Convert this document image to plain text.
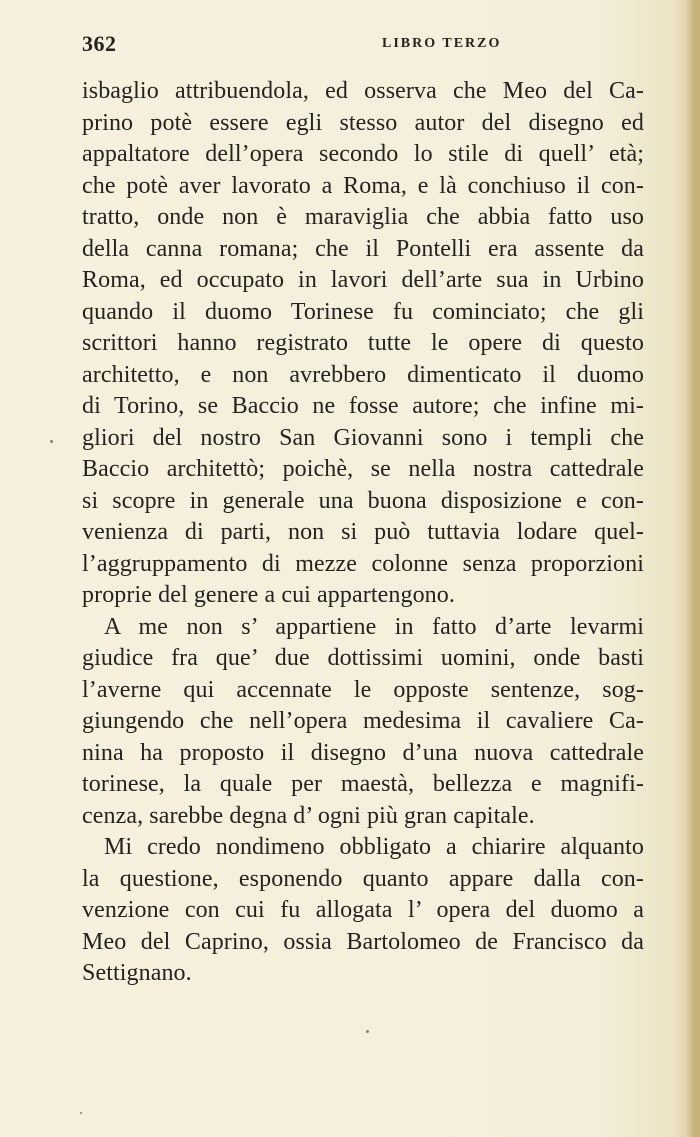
362	LIBRO TERZO
isbaglio attribuendola, ed osserva che Meo del Ca-
prino potè essere egli stesso autor del disegno ed
appaltatore dell’opera secondo lo stile di quell’ età;
che potè aver lavorato a Roma, e là conchiuso il con-
tratto, onde non è maraviglia che abbia fatto uso
della canna romana; che il Pontelli era assente da
Roma, ed occupato in lavori dell’arte sua in Urbino
quando il duomo Torinese fu cominciato; che gli
scrittori hanno registrato tutte le opere di questo
architetto, e non avrebbero dimenticato il duomo
di Torino, se Baccio ne fosse autore; che infine mi-
gliori del nostro San Giovanni sono i templi che
Baccio architettò; poichè, se nella nostra cattedrale
si scopre in generale una buona disposizione e con-
venienza di parti, non si può tuttavia lodare quel-
l’aggruppamento di mezze colonne senza proporzioni
proprie del genere a cui appartengono.
A me non s’ appartiene in fatto d’arte levarmi
giudice fra que’ due dottissimi uomini, onde basti
l’averne qui accennate le opposte sentenze, sog-
giungendo che nell’opera medesima il cavaliere Ca-
nina ha proposto il disegno d’una nuova cattedrale
torinese, la quale per maestà, bellezza e magnifi-
cenza, sarebbe degna d’ ogni più gran capitale.
Mi credo nondimeno obbligato a chiarire alquanto
la questione, esponendo quanto appare dalla con-
venzione con cui fu allogata l’ opera del duomo a
Meo del Caprino, ossia Bartolomeo de Francisco da
Settignano.
